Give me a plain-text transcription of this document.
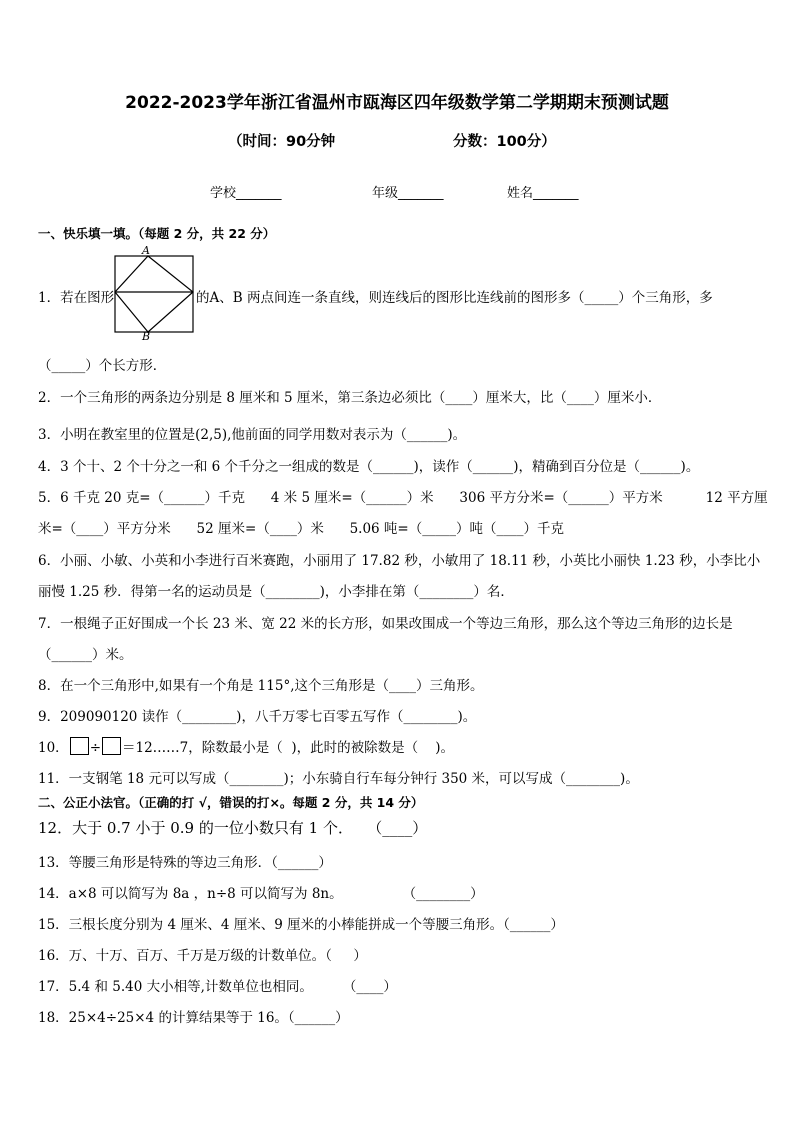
2022-2023学年浙江省温州市瓯海区四年级数学第二学期期末预测试题
（时间：90分钟	分数：100分）
学校_______	年级_______	姓名_______
一、快乐填一填。（每题 2 分，共 22 分）
1．若在图形
A
B
的A、B 两点间连一条直线，则连线后的图形比连线前的图形多（_____）个三角形，多
（_____）个长方形．
2．一个三角形的两条边分别是 8 厘米和 5 厘米，第三条边必须比（____）厘米大，比（____）厘米小．
3．小明在教室里的位置是(2,5),他前面的同学用数对表示为（______)。
4．3 个十、2 个十分之一和 6 个千分之一组成的数是（______)，读作（______)，精确到百分位是（______)。
5．6 千克 20 克=（______）千克      4 米 5 厘米=（______）米      306 平方分米=（______）平方米          12 平方厘
米=（____）平方分米      52 厘米=（____）米      5.06 吨=（_____）吨（____）千克
6．小丽、小敏、小英和小李进行百米赛跑，小丽用了 17.82 秒，小敏用了 18.11 秒，小英比小丽快 1.23 秒，小李比小
丽慢 1.25 秒．得第一名的运动员是（________)，小李排在第（________）名．
7．一根绳子正好围成一个长 23 米、宽 22 米的长方形，如果改围成一个等边三角形，那么这个等边三角形的边长是
（______）米。
8．在一个三角形中,如果有一个角是 115°,这个三角形是（____）三角形。
9．209090120 读作（________)，八千万零七百零五写作（________)。
10． ÷ ＝12……7，除数最小是（  )，此时的被除数是（    )。
11．一支钢笔 18 元可以写成（________)；小东骑自行车每分钟行 350 米，可以写成（________)。
二、公正小法官。（正确的打 √，错误的打×。每题 2 分，共 14 分）
12．大于 0.7 小于 0.9 的一位小数只有 1 个．   （____）
13．等腰三角形是特殊的等边三角形．（______）
14．a×8 可以简写为 8a ，n÷8 可以简写为 8n。              （________）
15．三根长度分别为 4 厘米、4 厘米、9 厘米的小棒能拼成一个等腰三角形。（______）
16．万、十万、百万、千万是万级的计数单位。（     ）
17．5.4 和 5.40 大小相等,计数单位也相同。       （____）
18．25×4÷25×4 的计算结果等于 16。（______）
